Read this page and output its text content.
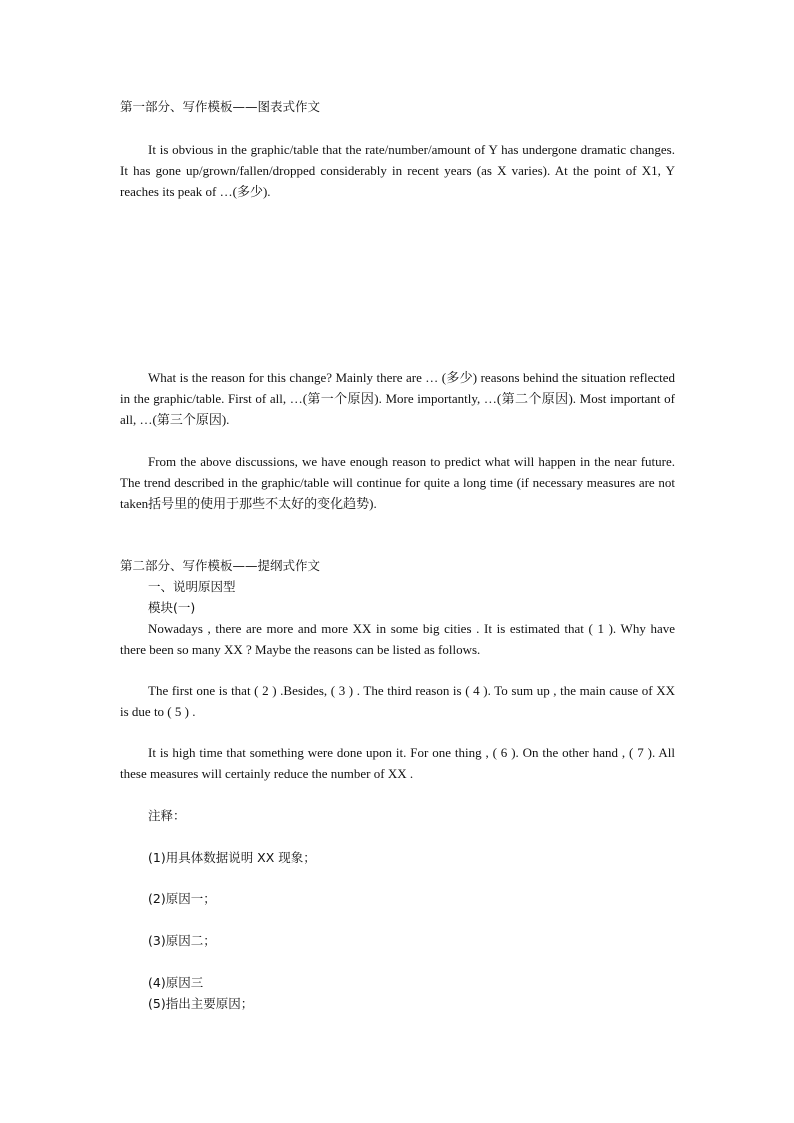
第一部分、写作模板——图表式作文
It is obvious in the graphic/table that the rate/number/amount of Y has undergone dramatic changes. It has gone up/grown/fallen/dropped considerably in recent years (as X varies). At the point of X1, Y reaches its peak of …(多少).
What is the reason for this change? Mainly there are … (多少) reasons behind the situation reflected in the graphic/table. First of all, …(第一个原因). More importantly, …(第二个原因). Most important of all, …(第三个原因).
From the above discussions, we have enough reason to predict what will happen in the near future. The trend described in the graphic/table will continue for quite a long time (if necessary measures are not taken括号里的使用于那些不太好的变化趋势).
第二部分、写作模板——提纲式作文
一、说明原因型
模块(一)
Nowadays , there are more and more XX in some big cities . It is estimated that ( 1 ). Why have there been so many XX ? Maybe the reasons can be listed as follows.
The first one is that ( 2 ) .Besides, ( 3 ) . The third reason is ( 4 ). To sum up , the main cause of XX is due to ( 5 ) .
It is high time that something were done upon it. For one thing , ( 6 ). On the other hand , ( 7 ). All these measures will certainly reduce the number of XX .
注释：
(1)用具体数据说明 XX 现象；
(2)原因一；
(3)原因二；
(4)原因三
(5)指出主要原因；
